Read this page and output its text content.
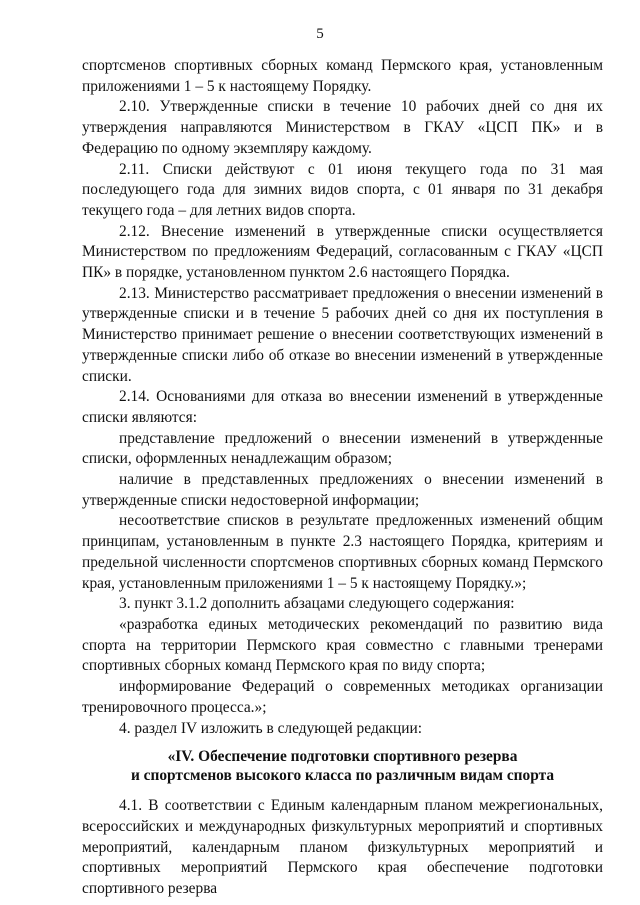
5

спортсменов спортивных сборных команд Пермского края, установленным приложениями 1 – 5 к настоящему Порядку.

2.10. Утвержденные списки в течение 10 рабочих дней со дня их утверждения направляются Министерством в ГКАУ «ЦСП ПК» и в Федерацию по одному экземпляру каждому.

2.11. Списки действуют с 01 июня текущего года по 31 мая последующего года для зимних видов спорта, с 01 января по 31 декабря текущего года – для летних видов спорта.

2.12. Внесение изменений в утвержденные списки осуществляется Министерством по предложениям Федераций, согласованным с ГКАУ «ЦСП ПК» в порядке, установленном пунктом 2.6 настоящего Порядка.

2.13. Министерство рассматривает предложения о внесении изменений в утвержденные списки и в течение 5 рабочих дней со дня их поступления в Министерство принимает решение о внесении соответствующих изменений в утвержденные списки либо об отказе во внесении изменений в утвержденные списки.

2.14. Основаниями для отказа во внесении изменений в утвержденные списки являются:

представление предложений о внесении изменений в утвержденные списки, оформленных ненадлежащим образом;

наличие в представленных предложениях о внесении изменений в утвержденные списки недостоверной информации;

несоответствие списков в результате предложенных изменений общим принципам, установленным в пункте 2.3 настоящего Порядка, критериям и предельной численности спортсменов спортивных сборных команд Пермского края, установленным приложениями 1 – 5 к настоящему Порядку.»;

3. пункт 3.1.2 дополнить абзацами следующего содержания:

«разработка единых методических рекомендаций по развитию вида спорта на территории Пермского края совместно с главными тренерами спортивных сборных команд Пермского края по виду спорта;

информирование Федераций о современных методиках организации тренировочного процесса.»;

4. раздел IV изложить в следующей редакции:

«IV. Обеспечение подготовки спортивного резерва
и спортсменов высокого класса по различным видам спорта

4.1. В соответствии с Единым календарным планом межрегиональных, всероссийских и международных физкультурных мероприятий и спортивных мероприятий, календарным планом физкультурных мероприятий и спортивных мероприятий Пермского края обеспечение подготовки спортивного резерва
